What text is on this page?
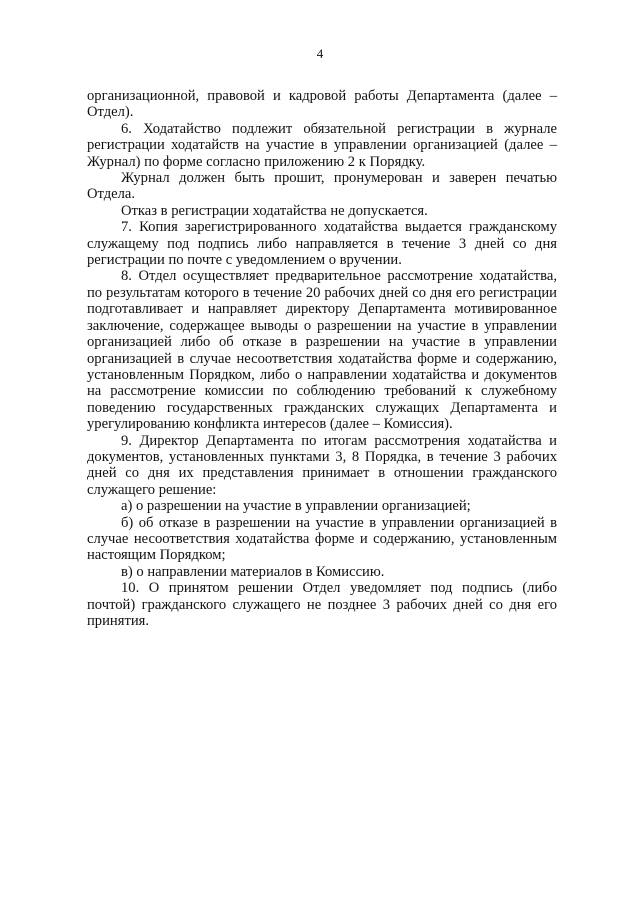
4

организационной, правовой и кадровой работы Департамента (далее – Отдел).

6. Ходатайство подлежит обязательной регистрации в журнале регистрации ходатайств на участие в управлении организацией (далее – Журнал) по форме согласно приложению 2 к Порядку.

Журнал должен быть прошит, пронумерован и заверен печатью Отдела.

Отказ в регистрации ходатайства не допускается.

7. Копия зарегистрированного ходатайства выдается гражданскому служащему под подпись либо направляется в течение 3 дней со дня регистрации по почте с уведомлением о вручении.

8. Отдел осуществляет предварительное рассмотрение ходатайства, по результатам которого в течение 20 рабочих дней со дня его регистрации подготавливает и направляет директору Департамента мотивированное заключение, содержащее выводы о разрешении на участие в управлении организацией либо об отказе в разрешении на участие в управлении организацией в случае несоответствия ходатайства форме и содержанию, установленным Порядком, либо о направлении ходатайства и документов на рассмотрение комиссии по соблюдению требований к служебному поведению государственных гражданских служащих Департамента и урегулированию конфликта интересов (далее – Комиссия).

9. Директор Департамента по итогам рассмотрения ходатайства и документов, установленных пунктами 3, 8 Порядка, в течение 3 рабочих дней со дня их представления принимает в отношении гражданского служащего решение:

а) о разрешении на участие в управлении организацией;

б) об отказе в разрешении на участие в управлении организацией в случае несоответствия ходатайства форме и содержанию, установленным настоящим Порядком;

в) о направлении материалов в Комиссию.

10. О принятом решении Отдел уведомляет под подпись (либо почтой) гражданского служащего не позднее 3 рабочих дней со дня его принятия.
